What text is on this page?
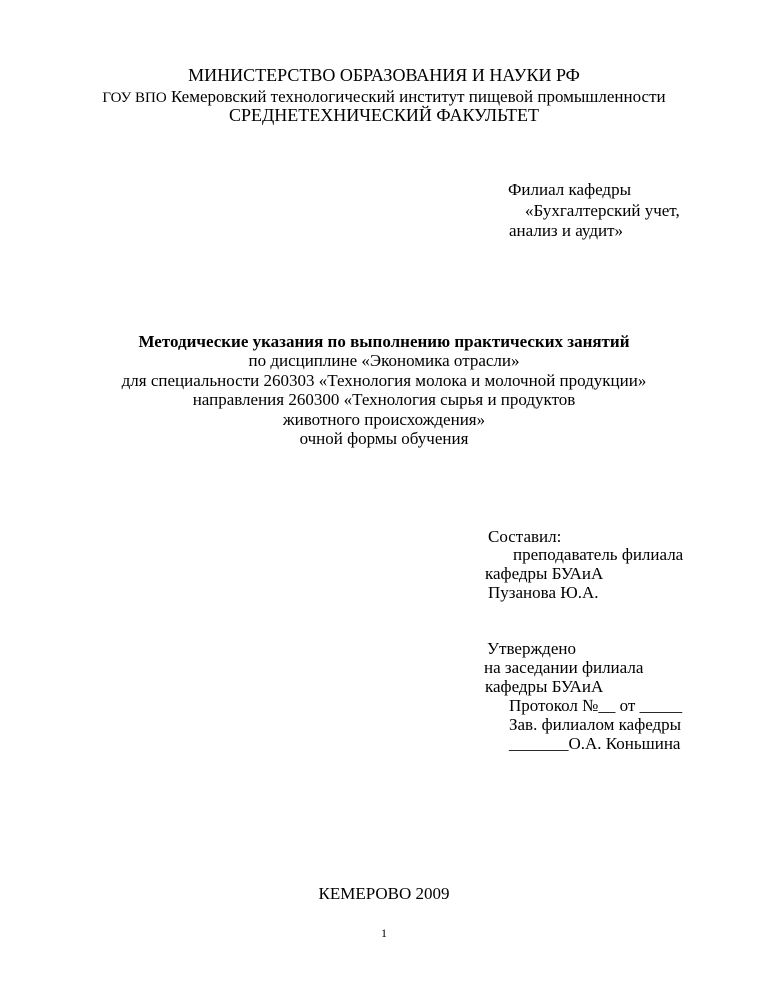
МИНИСТЕРСТВО ОБРАЗОВАНИЯ И НАУКИ РФ
ГОУ ВПО Кемеровский технологический институт пищевой промышленности
СРЕДНЕТЕХНИЧЕСКИЙ ФАКУЛЬТЕТ
Филиал кафедры
«Бухгалтерский учет,
анализ и аудит»
Методические указания по выполнению практических занятий
по дисциплине «Экономика отрасли»
для специальности 260303 «Технология молока и молочной продукции»
направления 260300 «Технология сырья и продуктов
животного происхождения»
очной формы обучения
Составил:
преподаватель филиала
кафедры БУАиА
Пузанова Ю.А.
Утверждено
на заседании филиала
кафедры БУАиА
Протокол №__ от _____
Зав. филиалом кафедры
_______О.А. Коньшина
КЕМЕРОВО 2009
1
